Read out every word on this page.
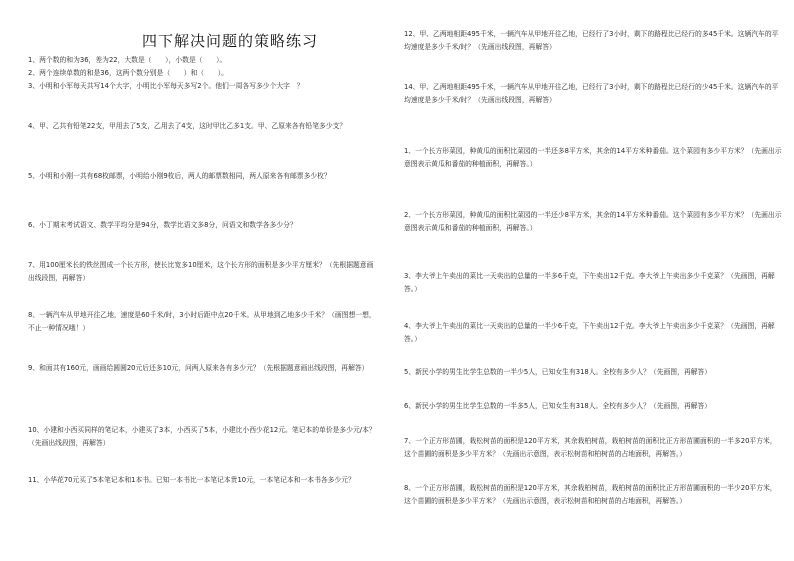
四下解决问题的策略练习
1、两个数的和为36，差为22，大数是（　　），小数是（　　）。
2、两个连续单数的和是36，这两个数分别是（　　）和（　　）。
3、小明和小军每天共写14个大字，小明比小军每天多写2个。他们一周各写多少个大字　？
4、甲、乙共有铅笔22支，甲用去了5支，乙用去了4支，这时甲比乙多1支。甲、乙原来各有铅笔多少支？
5、小明和小刚一共有68枚邮票，小明给小刚9枚后，两人的邮票数相同，两人原来各有邮票多少枚？
6、小丁期末考试语文、数学平均分是94分，数学比语文多8分，问语文和数学各多少分？
7、用100厘米长的铁丝围成一个长方形，使长比宽多10厘米，这个长方形的面积是多少平方厘米？（先根据题意画出线段图，再解答）
8、一辆汽车从甲地开往乙地，速度是60千米/时，3小时后距中点20千米。从甲地到乙地多少千米？（画图想一想，不止一种情况哦！）
9、和面共有160元，画画给圆圆20元后还多10元，问两人原来各有多少元？（先根据题意画出线段图，再解答）
10、小建和小西买同样的笔记本，小建买了3本，小西买了5本，小建比小西少花12元。笔记本的单价是多少元/本？（先画出线段图，再解答）
11、小华花70元买了5本笔记本和1本书。已知一本书比一本笔记本贵10元，一本笔记本和一本书各多少元？
12、甲、乙两地相距495千米，一辆汽车从甲地开往乙地，已经行了3小时，剩下的路程比已经行的多45千米。这辆汽车的平均速度是多少千米/时？（先画出线段图，再解答）
14、甲、乙两地相距495千米，一辆汽车从甲地开往乙地，已经行了3小时，剩下的路程比已经行的少45千米。这辆汽车的平均速度是多少千米/时？（先画出线段图，再解答）
1、一个长方形菜园，种黄瓜的面积比菜园的一半还多8平方米，其余的14平方米种番茄。这个菜园有多少平方米？（先画出示意图表示黄瓜和番茄的种植面积，再解答。）
2、一个长方形菜园，种黄瓜的面积比菜园的一半还少8平方米，其余的14平方米种番茄。这个菜园有多少平方米？（先画出示意图表示黄瓜和番茄的种植面积，再解答。）
3、李大爷上午卖出的菜比一天卖出的总量的一半多6千克，下午卖出12千克。李大爷上午卖出多少千克菜？（先画图，再解答。）
4、李大爷上午卖出的菜比一天卖出的总量的一半少6千克，下午卖出12千克。李大爷上午卖出多少千克菜？（先画图，再解答。）
5、新民小学的男生比学生总数的一半少5人，已知女生有318人。全校有多少人？（先画图，再解答）
6、新民小学的男生比学生总数的一半多5人，已知女生有318人。全校有多少人？（先画图，再解答）
7、一个正方形苗圃，栽松树苗的面积是120平方米，其余栽柏树苗，栽柏树苗的面积比正方形苗圃面积的一半多20平方米，这个苗圃的面积是多少平方米？（先画出示意图，表示松树苗和柏树苗的占地面积，再解答。）
8、一个正方形苗圃，栽松树苗的面积是120平方米，其余栽柏树苗，栽柏树苗的面积比正方形苗圃面积的一半少20平方米，这个苗圃的面积是多少平方米？（先画出示意图，表示松树苗和柏树苗的占地面积，再解答。）
